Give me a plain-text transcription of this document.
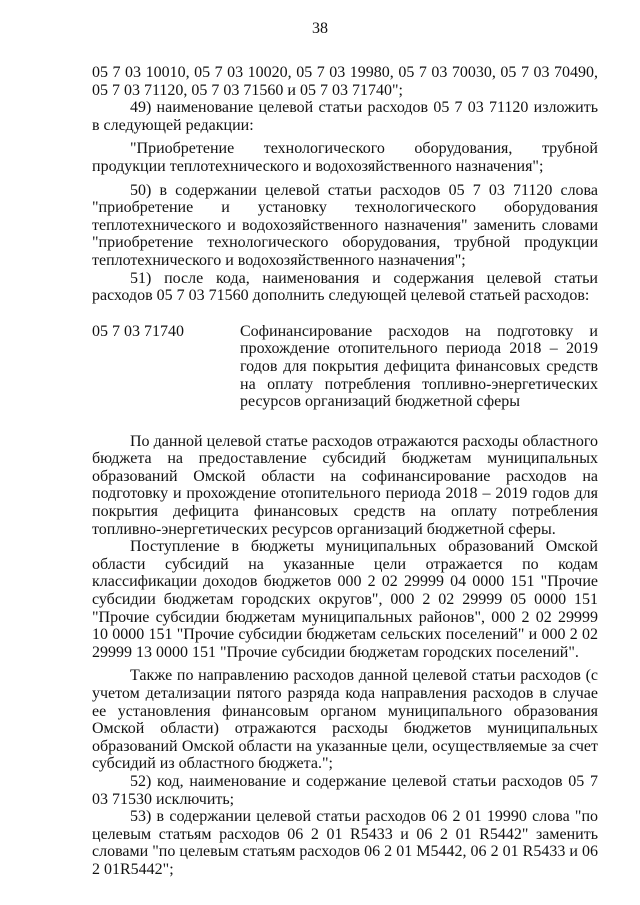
38

05 7 03 10010, 05 7 03 10020, 05 7 03 19980, 05 7 03 70030, 05 7 03 70490, 05 7 03 71120, 05 7 03 71560 и 05 7 03 71740";

49) наименование целевой статьи расходов 05 7 03 71120 изложить в следующей редакции:

"Приобретение технологического оборудования, трубной продукции теплотехнического и водохозяйственного назначения";

50) в содержании целевой статьи расходов 05 7 03 71120 слова "приобретение и установку технологического оборудования теплотехнического и водохозяйственного назначения" заменить словами "приобретение технологического оборудования, трубной продукции теплотехнического и водохозяйственного назначения";

51) после кода, наименования и содержания целевой статьи расходов 05 7 03 71560 дополнить следующей целевой статьей расходов:

05 7 03 71740	Софинансирование расходов на подготовку и прохождение отопительного периода 2018 – 2019 годов для покрытия дефицита финансовых средств на оплату потребления топливно-энергетических ресурсов организаций бюджетной сферы

По данной целевой статье расходов отражаются расходы областного бюджета на предоставление субсидий бюджетам муниципальных образований Омской области на софинансирование расходов на подготовку и прохождение отопительного периода 2018 – 2019 годов для покрытия дефицита финансовых средств на оплату потребления топливно-энергетических ресурсов организаций бюджетной сферы.

Поступление в бюджеты муниципальных образований Омской области субсидий на указанные цели отражается по кодам классификации доходов бюджетов 000 2 02 29999 04 0000 151 "Прочие субсидии бюджетам городских округов", 000 2 02 29999 05 0000 151 "Прочие субсидии бюджетам муниципальных районов", 000 2 02 29999 10 0000 151 "Прочие субсидии бюджетам сельских поселений" и 000 2 02 29999 13 0000 151 "Прочие субсидии бюджетам городских поселений".

Также по направлению расходов данной целевой статьи расходов (с учетом детализации пятого разряда кода направления расходов в случае ее установления финансовым органом муниципального образования Омской области) отражаются расходы бюджетов муниципальных образований Омской области на указанные цели, осуществляемые за счет субсидий из областного бюджета.";

52) код, наименование и содержание целевой статьи расходов 05 7 03 71530 исключить;

53) в содержании целевой статьи расходов 06 2 01 19990 слова "по целевым статьям расходов 06 2 01 R5433 и 06 2 01 R5442" заменить словами "по целевым статьям расходов 06 2 01 M5442, 06 2 01 R5433 и 06 2 01R5442";
